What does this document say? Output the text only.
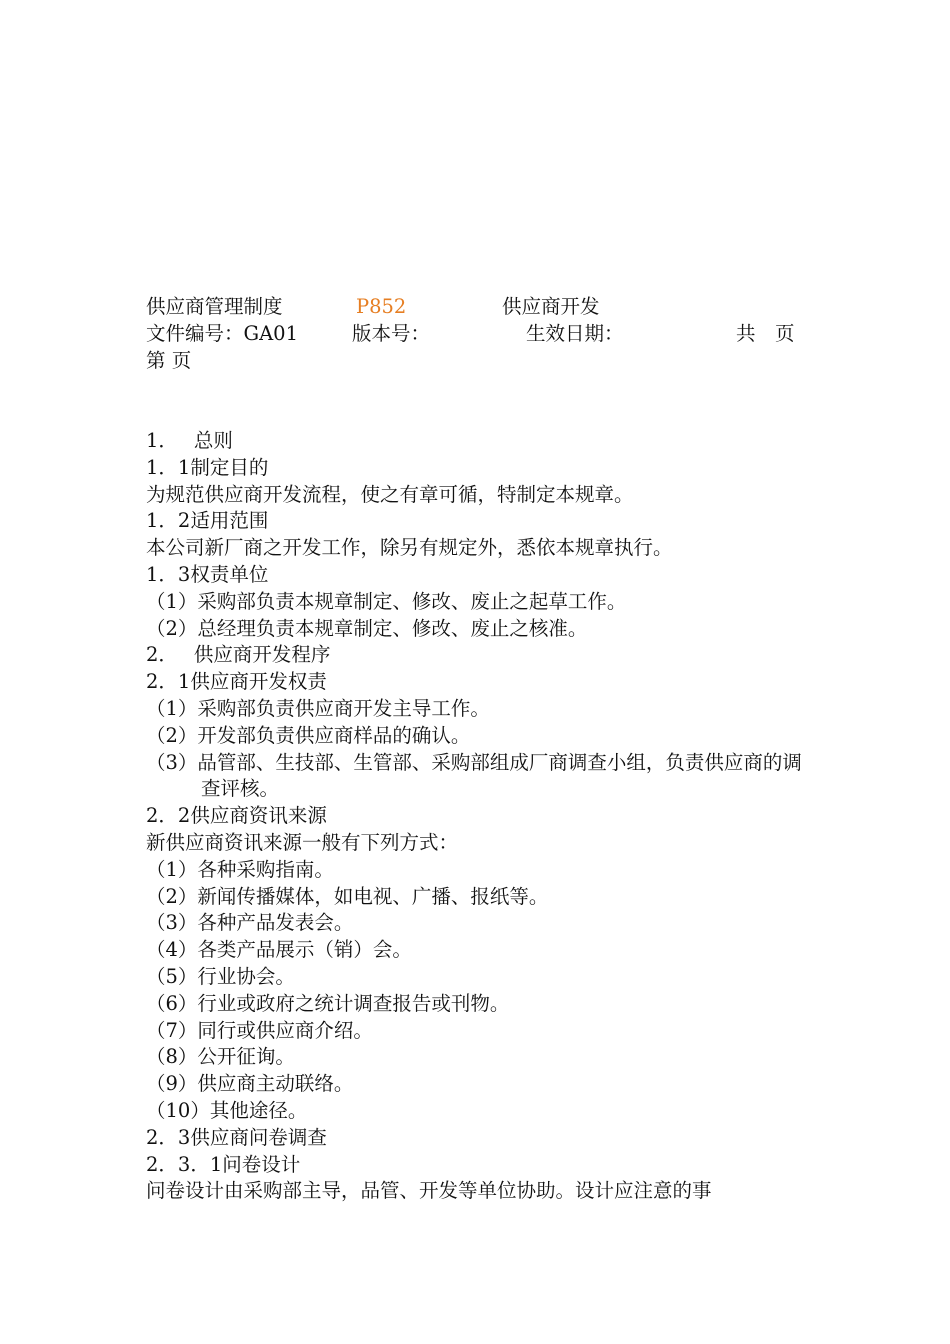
供应商管理制度	P852	供应商开发
文件编号：GA01	版本号：	生效日期：	共　页
第 页
1．　 总则
1．1制定目的
为规范供应商开发流程，使之有章可循，特制定本规章。
1．2适用范围
本公司新厂商之开发工作，除另有规定外，悉依本规章执行。
1．3权责单位
（1）采购部负责本规章制定、修改、废止之起草工作。
（2）总经理负责本规章制定、修改、废止之核准。
2．　 供应商开发程序
2．1供应商开发权责
（1）采购部负责供应商开发主导工作。
（2）开发部负责供应商样品的确认。
（3）品管部、生技部、生管部、采购部组成厂商调查小组，负责供应商的调查评核。
2．2供应商资讯来源
新供应商资讯来源一般有下列方式：
（1）各种采购指南。
（2）新闻传播媒体，如电视、广播、报纸等。
（3）各种产品发表会。
（4）各类产品展示（销）会。
（5）行业协会。
（6）行业或政府之统计调查报告或刊物。
（7）同行或供应商介绍。
（8）公开征询。
（9）供应商主动联络。
（10）其他途径。
2．3供应商问卷调查
2．3．1问卷设计
问卷设计由采购部主导，品管、开发等单位协助。设计应注意的事
